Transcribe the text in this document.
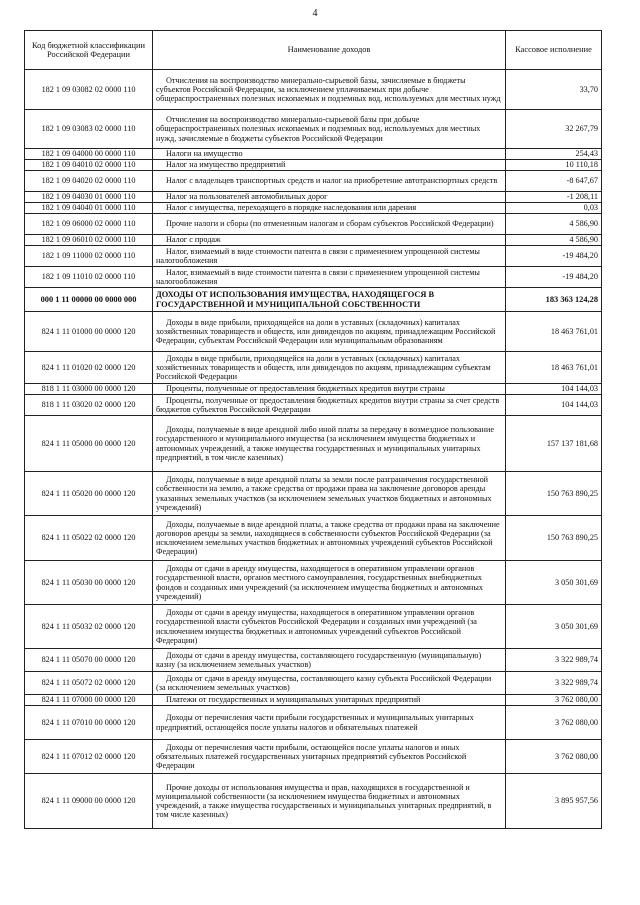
4
Код бюджетной классификации Российской Федерации	Наименование доходов	Кассовое исполнение
182 1 09 03082 02 0000 110	Отчисления на воспроизводство минерально-сырьевой базы, зачисляемые в бюджеты субъектов Российской Федерации, за исключением уплачиваемых при добыче общераспространенных полезных ископаемых и подземных вод, используемых для местных нужд	33,70
182 1 09 03083 02 0000 110	Отчисления на воспроизводство минерально-сырьевой базы при добыче общераспространенных полезных ископаемых и подземных вод, используемых для местных нужд, зачисляемые в бюджеты субъектов Российской Федерации	32 267,79
182 1 09 04000 00 0000 110	Налоги на имущество	254,43
182 1 09 04010 02 0000 110	Налог на имущество предприятий	10 110,18
182 1 09 04020 02 0000 110	Налог с владельцев транспортных средств и налог на приобретение автотранспортных средств	-8 647,67
182 1 09 04030 01 0000 110	Налог на пользователей автомобильных дорог	-1 208,11
182 1 09 04040 01 0000 110	Налог с имущества, переходящего в порядке наследования или дарения	0,03
182 1 09 06000 02 0000 110	Прочие налоги и сборы (по отмененным налогам и сборам субъектов Российской Федерации)	4 586,90
182 1 09 06010 02 0000 110	Налог с продаж	4 586,90
182 1 09 11000 02 0000 110	Налог, взимаемый в виде стоимости патента в связи с применением упрощенной системы налогообложения	-19 484,20
182 1 09 11010 02 0000 110	Налог, взимаемый в виде стоимости патента в связи с применением упрощенной системы налогообложения	-19 484,20
000 1 11 00000 00 0000 000	ДОХОДЫ ОТ ИСПОЛЬЗОВАНИЯ ИМУЩЕСТВА, НАХОДЯЩЕГОСЯ В ГОСУДАРСТВЕННОЙ И МУНИЦИПАЛЬНОЙ СОБСТВЕННОСТИ	183 363 124,28
824 1 11 01000 00 0000 120	Доходы в виде прибыли, приходящейся на доли в уставных (складочных) капиталах хозяйственных товариществ и обществ, или дивидендов по акциям, принадлежащим Российской Федерации, субъектам Российской Федерации или муниципальным образованиям	18 463 761,01
824 1 11 01020 02 0000 120	Доходы в виде прибыли, приходящейся на доли в уставных (складочных) капиталах хозяйственных товариществ и обществ, или дивидендов по акциям, принадлежащим субъектам Российской Федерации	18 463 761,01
818 1 11 03000 00 0000 120	Проценты, полученные от предоставления бюджетных кредитов внутри страны	104 144,03
818 1 11 03020 02 0000 120	Проценты, полученные от предоставления бюджетных кредитов внутри страны за счет средств бюджетов субъектов Российской Федерации	104 144,03
824 1 11 05000 00 0000 120	Доходы, получаемые в виде арендной либо иной платы за передачу в возмездное пользование государственного и муниципального имущества (за исключением имущества бюджетных и автономных учреждений, а также имущества государственных и муниципальных унитарных предприятий, в том числе казенных)	157 137 181,68
824 1 11 05020 00 0000 120	Доходы, получаемые в виде арендной платы за земли после разграничения государственной собственности на землю, а также средства от продажи права на заключение договоров аренды указанных земельных участков (за исключением земельных участков бюджетных и автономных учреждений)	150 763 890,25
824 1 11 05022 02 0000 120	Доходы, получаемые в виде арендной платы, а также средства от продажи права на заключение договоров аренды за земли, находящиеся в собственности субъектов Российской Федерации (за исключением земельных участков бюджетных и автономных учреждений субъектов Российской Федерации)	150 763 890,25
824 1 11 05030 00 0000 120	Доходы от сдачи в аренду имущества, находящегося в оперативном управлении органов государственной власти, органов местного самоуправления, государственных внебюджетных фондов и созданных ими учреждений (за исключением имущества бюджетных и автономных учреждений)	3 050 301,69
824 1 11 05032 02 0000 120	Доходы от сдачи в аренду имущества, находящегося в оперативном управлении органов государственной власти субъектов Российской Федерации и созданных ими учреждений (за исключением имущества бюджетных и автономных учреждений субъектов Российской Федерации)	3 050 301,69
824 1 11 05070 00 0000 120	Доходы от сдачи в аренду имущества, составляющего государственную (муниципальную) казну (за исключением земельных участков)	3 322 989,74
824 1 11 05072 02 0000 120	Доходы от сдачи в аренду имущества, составляющего казну субъекта Российской Федерации (за исключением земельных участков)	3 322 989,74
824 1 11 07000 00 0000 120	Платежи от государственных и муниципальных унитарных предприятий	3 762 080,00
824 1 11 07010 00 0000 120	Доходы от перечисления части прибыли государственных и муниципальных унитарных предприятий, остающейся после уплаты налогов и обязательных платежей	3 762 080,00
824 1 11 07012 02 0000 120	Доходы от перечисления части прибыли, остающейся после уплаты налогов и иных обязательных платежей государственных унитарных предприятий субъектов Российской Федерации	3 762 080,00
824 1 11 09000 00 0000 120	Прочие доходы от использования имущества и прав, находящихся в государственной и муниципальной собственности (за исключением имущества бюджетных и автономных учреждений, а также имущества государственных и муниципальных унитарных предприятий, в том числе казенных)	3 895 957,56
